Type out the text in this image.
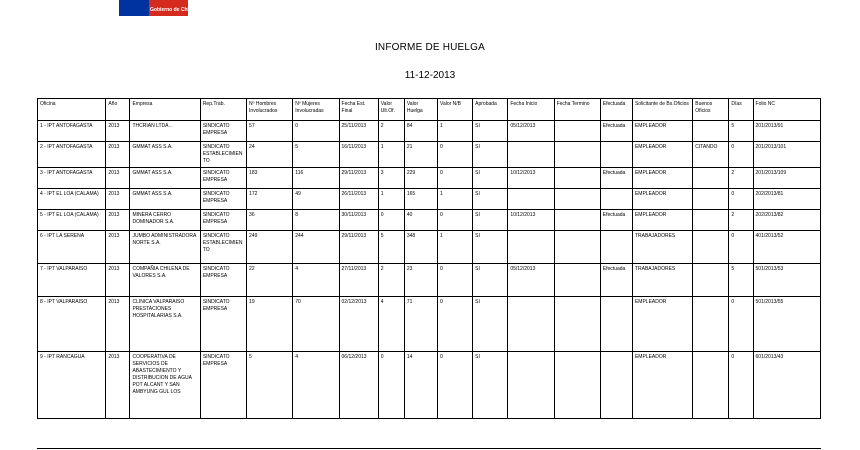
Gobierno de Chile
INFORME DE HUELGA
11-12-2013
Oficina	Año	Empresa	Rep.Trab.	Nº Hombres Involucrados	Nº Mujeres Involucradas	Fecha Est. Final	Valor Ult.Of.	Valor Huelga	Valor N/B	Aprobada	Fecha Inicio	Fecha Termino	Efectuada	Solicitante de Bs.Oficios	Buenos Oficios	Días	Folio NC
1 - IPT ANTOFAGASTA	2013	THCRIAN LTDA. .	SINDICATO EMPRESA	57	0	25/11/2013	2	84	1	SI	05/12/2013		Efectuada	EMPLEADOR		5	201/2013/91
2 - IPT ANTOFAGASTA	2013	GMMAT ASS S.A.	SINDICATO ESTABLECIMIENTO	24	5	16/11/2013	1	21	0	SI				EMPLEADOR	CITANDO	0	201/2013/101
3 - IPT ANTOFAGASTA	2013	GMMAT ASS S.A.	SINDICATO EMPRESA	183	116	29/11/2013	3	229	0	SI	10/12/2013		Efectuada	EMPLEADOR		2	201/2013/109
4 - IPT EL LOA (CALAMA)	2013	GMMAT ASS S.A.	SINDICATO EMPRESA	172	49	26/11/2013	1	165	1	SI				EMPLEADOR		0	202/2013/81
5 - IPT EL LOA (CALAMA)	2013	MINERA CERRO DOMINADOR S.A.	SINDICATO EMPRESA	36	8	30/11/2013	0	40	0	SI	10/12/2013		Efectuada	EMPLEADOR		2	202/2013/82
6 - IPT LA SERENA	2013	JUMBO ADMINISTRADORA NORTE S.A.	SINDICATO ESTABLECIMIENTO	249	244	29/11/2013	5	348	1	SI				TRABAJADORES		0	401/2013/52
7 - IPT VALPARAISO	2013	COMPAÑIA CHILENA DE VALORES S.A.	SINDICATO EMPRESA	22	4	27/11/2013	2	23	0	SI	05/12/2013		Efectuada	TRABAJADORES		5	501/2013/53
8 - IPT VALPARAISO	2013	CLINICA VALPARAISO PRESTACIONES HOSPITALARIAS S.A.	SINDICATO EMPRESA	19	70	02/12/2013	4	71	0	SI				EMPLEADOR		0	501/2013/55
9 - IPT RANCAGUA	2013	COOPERATIVA DE SERVICIOS DE ABASTECIMIENTO Y DISTRIBUCION DE AGUA POT ALCANT Y SAN AMBYUNG GUL LOS	SINDICATO EMPRESA	5	4	06/12/2013	0	14	0	SI				EMPLEADOR		0	601/2013/43
